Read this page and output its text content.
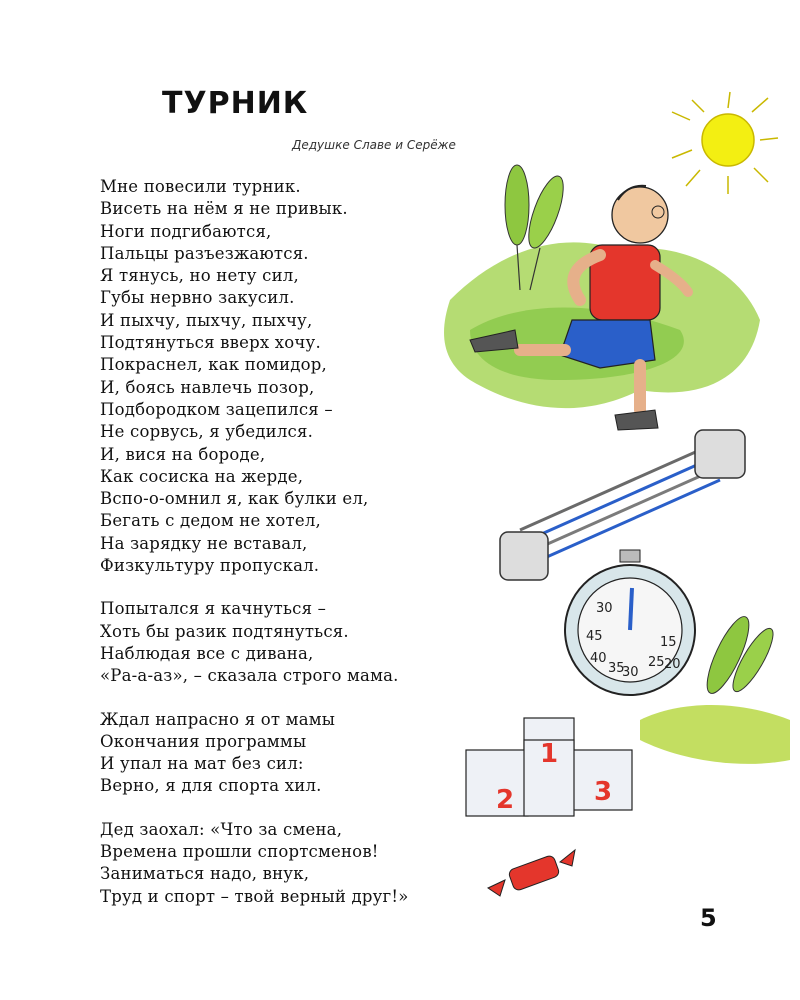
ТУРНИК
Дедушке Славе и Серёже

Мне повесили турник.

Висеть на нём я не привык.

Ноги подгибаются,

Пальцы разъезжаются.

Я тянусь, но нету сил,

Губы нервно закусил.

И пыхчу, пыхчу, пыхчу,

Подтянуться вверх хочу.

Покраснел, как помидор,

И, боясь навлечь позор,

Подбородком зацепился –

Не сорвусь, я убедился.

И, вися на бороде,

Как сосиска на жерде,

Вспо-о-омнил я, как булки ел,

Бегать с дедом не хотел,

На зарядку не вставал,

Физкультуру пропускал.

Попытался я качнуться –

Хоть бы разик подтянуться.

Наблюдая все с дивана,

«Ра-а-аз», – сказала строго мама.

Ждал напрасно я от мамы

Окончания программы

И упал на мат без сил:

Верно, я для спорта хил.

Дед заохал: «Что за смена,

Времена прошли спортсменов!

Заниматься надо, внук,

Труд и спорт – твой верный друг!»

30
45	15
40
35
30
25 20
1
2	3
5
